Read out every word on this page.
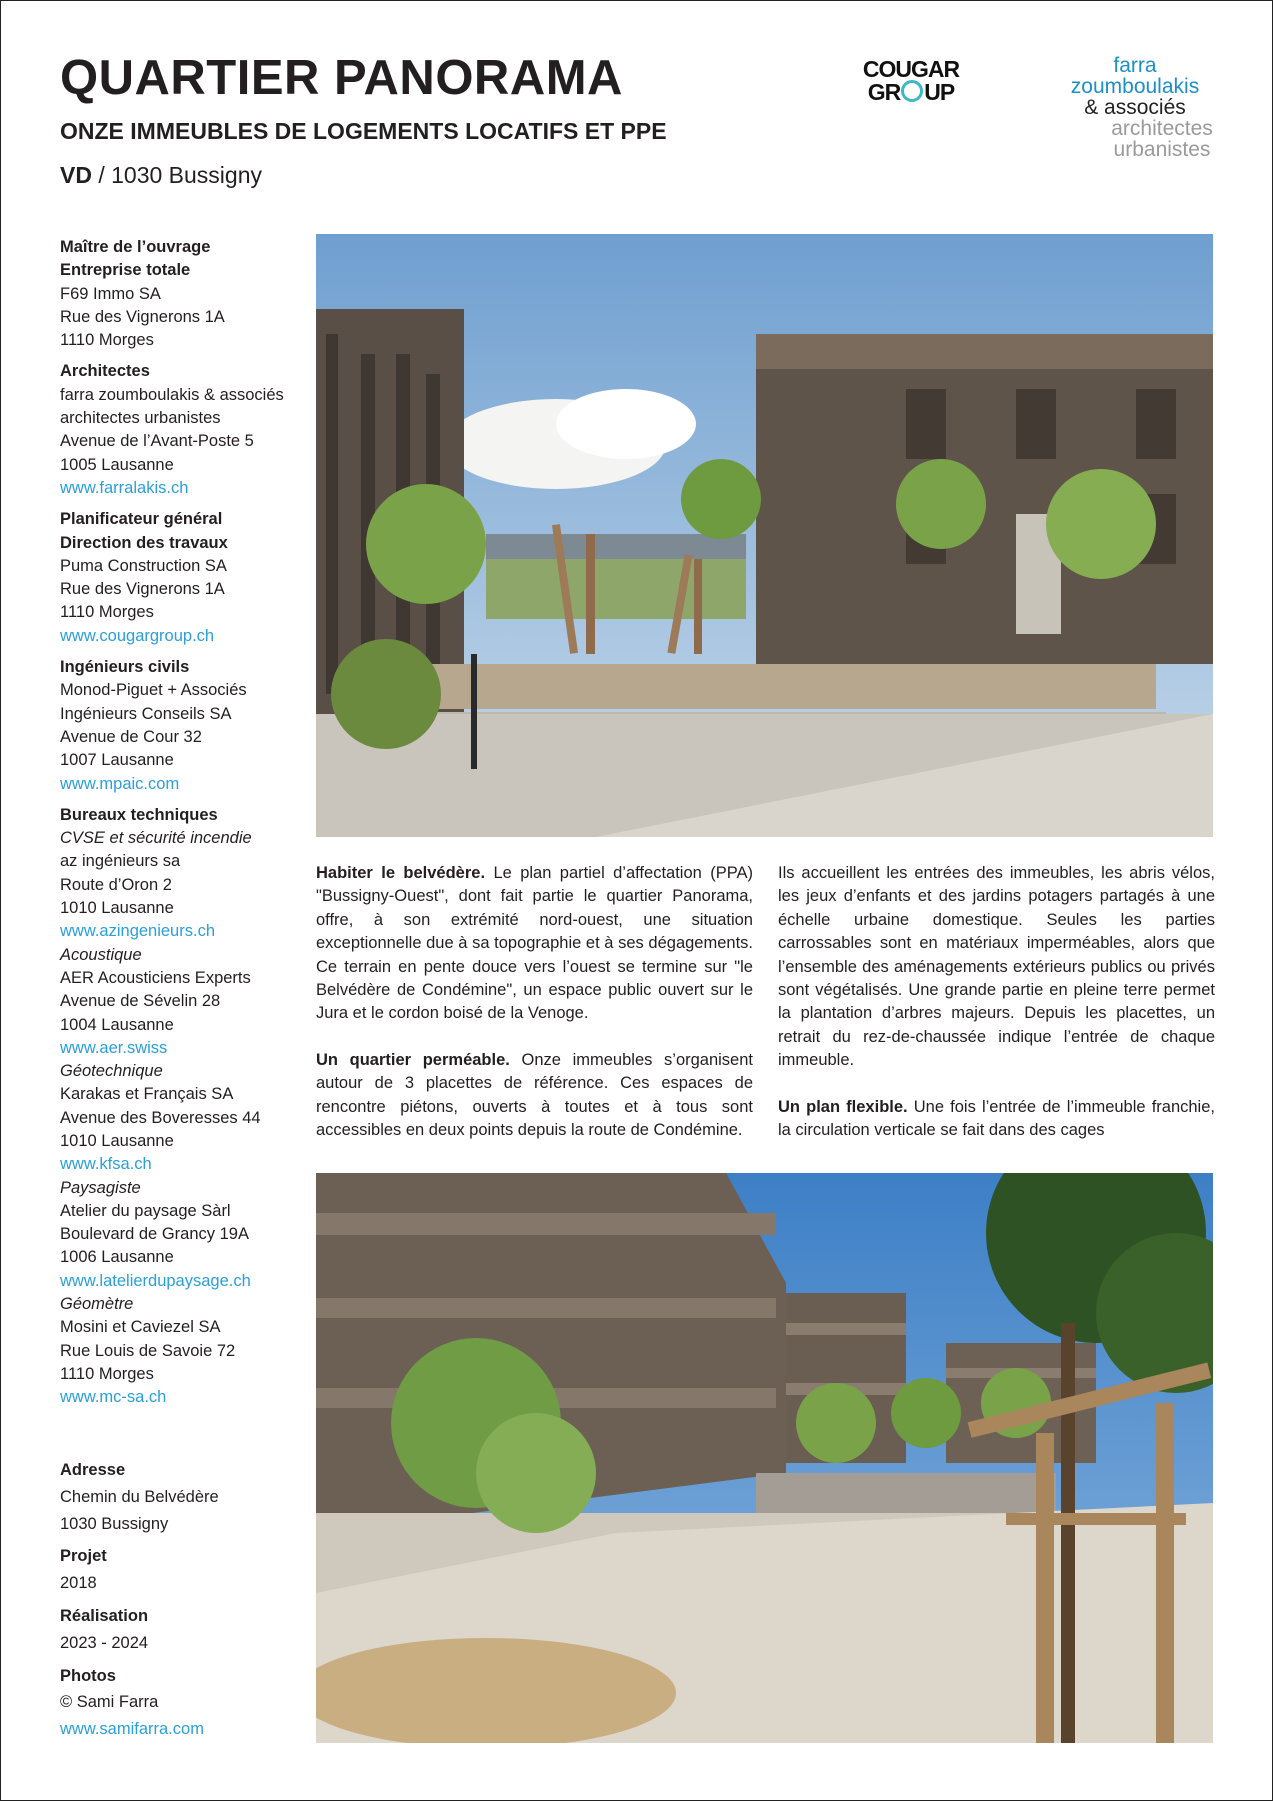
QUARTIER PANORAMA
ONZE IMMEUBLES DE LOGEMENTS LOCATIFS ET PPE
VD / 1030 Bussigny
COUGAR
GR UP
farra
zoumboulakis
& associés
architectes
urbanistes
Maître de l’ouvrage
Entreprise totale
F69 Immo SA
Rue des Vignerons 1A
1110 Morges
Architectes
farra zoumboulakis & associés
architectes urbanistes
Avenue de l’Avant-Poste 5
1005 Lausanne
www.farralakis.ch
Planificateur général
Direction des travaux
Puma Construction SA
Rue des Vignerons 1A
1110 Morges
www.cougargroup.ch
Ingénieurs civils
Monod-Piguet + Associés
Ingénieurs Conseils SA
Avenue de Cour 32
1007 Lausanne
www.mpaic.com
Bureaux techniques
CVSE et sécurité incendie
az ingénieurs sa
Route d’Oron 2
1010 Lausanne
www.azingenieurs.ch
Acoustique
AER Acousticiens Experts
Avenue de Sévelin 28
1004 Lausanne
www.aer.swiss
Géotechnique
Karakas et Français SA
Avenue des Boveresses 44
1010 Lausanne
www.kfsa.ch
Paysagiste
Atelier du paysage Sàrl
Boulevard de Grancy 19A
1006 Lausanne
www.latelierdupaysage.ch
Géomètre
Mosini et Caviezel SA
Rue Louis de Savoie 72
1110 Morges
www.mc-sa.ch
Adresse
Chemin du Belvédère
1030 Bussigny
Projet
2018
Réalisation
2023 - 2024
Photos
© Sami Farra
www.samifarra.com

Habiter le belvédère. Le plan partiel d’affectation (PPA) "Bussigny-Ouest", dont fait partie le quartier Panorama, offre, à son extrémité nord-ouest, une situation exceptionnelle due à sa topographie et à ses dégagements. Ce terrain en pente douce vers l’ouest se termine sur "le Belvédère de Condémine", un espace public ouvert sur le Jura et le cordon boisé de la Venoge.

Un quartier perméable. Onze immeubles s’organisent autour de 3 placettes de référence. Ces espaces de rencontre piétons, ouverts à toutes et à tous sont accessibles en deux points depuis la route de Condémine.

Ils accueillent les entrées des immeubles, les abris vélos, les jeux d’enfants et des jardins potagers partagés à une échelle urbaine domestique. Seules les parties carrossables sont en matériaux imperméables, alors que l’ensemble des aménagements extérieurs publics ou privés sont végétalisés. Une grande partie en pleine terre permet la plantation d’arbres majeurs. Depuis les placettes, un retrait du rez-de-chaussée indique l’entrée de chaque immeuble.

Un plan flexible. Une fois l’entrée de l’immeuble franchie, la circulation verticale se fait dans des cages
